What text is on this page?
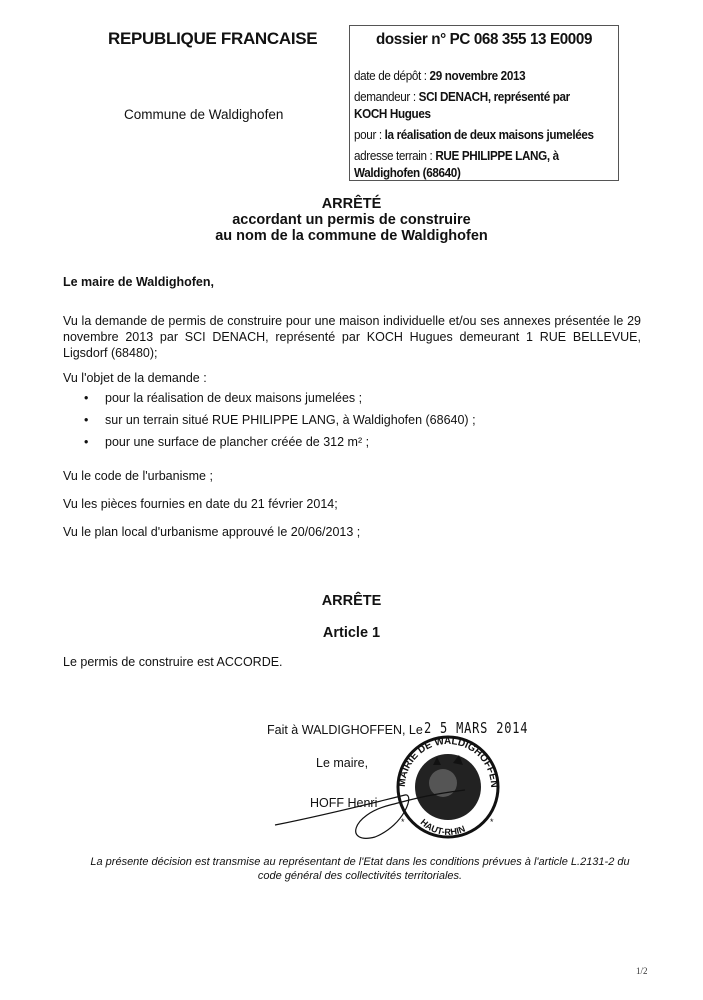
REPUBLIQUE FRANCAISE
Commune de Waldighofen
dossier n° PC 068 355 13 E0009
date de dépôt : 29 novembre 2013
demandeur : SCI DENACH, représenté par
KOCH Hugues
pour : la réalisation de deux maisons jumelées
adresse terrain : RUE PHILIPPE LANG, à
Waldighofen (68640)
ARRÊTÉ
accordant un permis de construire
au nom de la commune de Waldighofen
Le maire de Waldighofen,
Vu la demande de permis de construire pour une maison individuelle et/ou ses annexes présentée le 29
novembre 2013 par SCI DENACH, représenté par KOCH Hugues demeurant 1 RUE BELLEVUE,
Ligsdorf (68480);
Vu l'objet de la demande :
• pour la réalisation de deux maisons jumelées ;
• sur un terrain situé RUE PHILIPPE LANG, à Waldighofen (68640) ;
• pour une surface de plancher créée de 312 m² ;
Vu le code de l'urbanisme ;
Vu les pièces fournies en date du 21 février 2014;
Vu le plan local d'urbanisme approuvé le 20/06/2013 ;
ARRÊTE
Article 1
Le permis de construire est ACCORDE.
Fait à WALDIGHOFFEN, Le 2 5 MARS 2014
Le maire,
HOFF Henri
*	*
MAIRIE DE WALDIGHOFFEN
HAUT-RHIN
La présente décision est transmise au représentant de l'Etat dans les conditions prévues à l'article L.2131-2 du
code général des collectivités territoriales.
1/2
